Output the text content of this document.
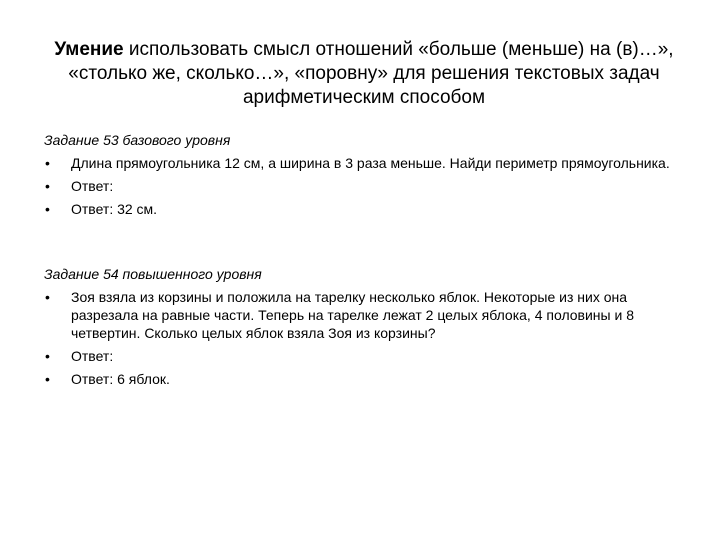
Умение использовать смысл отношений «больше (меньше) на (в)…», «столько же, сколько…», «поровну» для решения текстовых задач арифметическим способом
Задание 53 базового уровня
• Длина прямоугольника 12 см, а ширина в 3 раза меньше. Найди периметр прямоугольника.
• Ответ:
• Ответ: 32 см.
Задание 54 повышенного уровня
• Зоя взяла из корзины и положила на тарелку несколько яблок. Некоторые из них она разрезала на равные части. Теперь на тарелке лежат 2 целых яблока, 4 половины и 8 четвертин. Сколько целых яблок взяла Зоя из корзины?
• Ответ:
• Ответ: 6 яблок.
